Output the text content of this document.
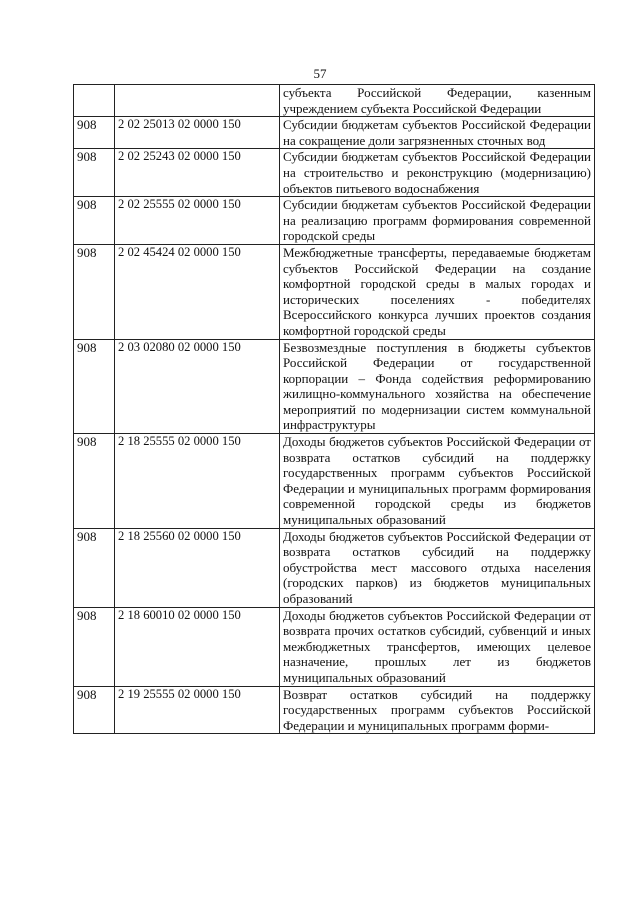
57
		субъекта Российской Федерации, казенным учреждением субъекта Российской Федерации
908	2 02 25013 02 0000 150	Субсидии бюджетам субъектов Российской Федерации на сокращение доли загрязненных сточных вод
908	2 02 25243 02 0000 150	Субсидии бюджетам субъектов Российской Федерации на строительство и реконструкцию (модернизацию) объектов питьевого водоснабжения
908	2 02 25555 02 0000 150	Субсидии бюджетам субъектов Российской Федерации на реализацию программ формирования современной городской среды
908	2 02 45424 02 0000 150	Межбюджетные трансферты, передаваемые бюджетам субъектов Российской Федерации на создание комфортной городской среды в малых городах и исторических поселениях - победителях Всероссийского конкурса лучших проектов создания комфортной городской среды
908	2 03 02080 02 0000 150	Безвозмездные поступления в бюджеты субъектов Российской Федерации от государственной корпорации – Фонда содействия реформированию жилищно-коммунального хозяйства на обеспечение мероприятий по модернизации систем коммунальной инфраструктуры
908	2 18 25555 02 0000 150	Доходы бюджетов субъектов Российской Федерации от возврата остатков субсидий на поддержку государственных программ субъектов Российской Федерации и муниципальных программ формирования современной городской среды из бюджетов муниципальных образований
908	2 18 25560 02 0000 150	Доходы бюджетов субъектов Российской Федерации от возврата остатков субсидий на поддержку обустройства мест массового отдыха населения (городских парков) из бюджетов муниципальных образований
908	2 18 60010 02 0000 150	Доходы бюджетов субъектов Российской Федерации от возврата прочих остатков субсидий, субвенций и иных межбюджетных трансфертов, имеющих целевое назначение, прошлых лет из бюджетов муниципальных образований
908	2 19 25555 02 0000 150	Возврат остатков субсидий на поддержку государственных программ субъектов Российской Федерации и муниципальных программ форми-
